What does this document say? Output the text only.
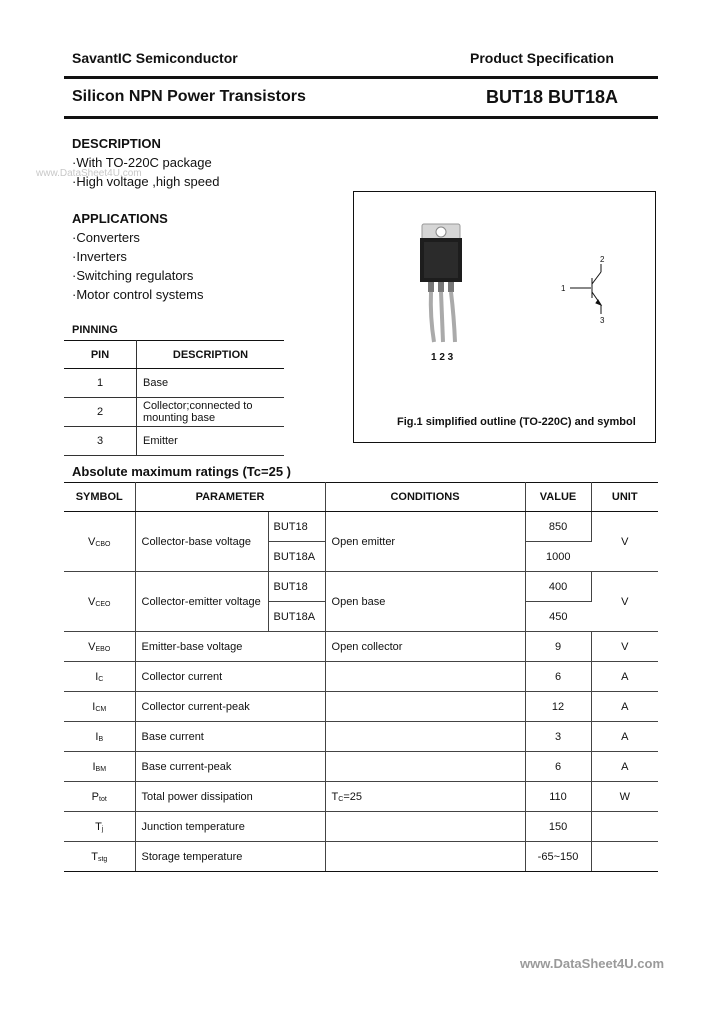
SavantIC Semiconductor	Product Specification
Silicon NPN Power Transistors	BUT18 BUT18A
www.DataSheet4U.com
DESCRIPTION
·With TO-220C package
·High voltage ,high speed
APPLICATIONS
·Converters
·Inverters
·Switching regulators
·Motor control systems
PINNING
PIN	DESCRIPTION
1	Base
2	Collector;connected to mounting base
3	Emitter
1 2 3
1
2
3
Fig.1 simplified outline (TO-220C) and symbol
Absolute maximum ratings (Tc=25 )
SYMBOL	PARAMETER		CONDITIONS	VALUE	UNIT
$V_{CBO}$	Collector-base voltage	BUT18	Open emitter	850	V
		BUT18A		1000	
$V_{CEO}$	Collector-emitter voltage	BUT18	Open base	400	V
		BUT18A		450	
$V_{EBO}$	Emitter-base voltage		Open collector	9	V
$I_C$	Collector current			6	A
$I_{CM}$	Collector current-peak			12	A
$I_B$	Base current			3	A
$I_{BM}$	Base current-peak			6	A
$P_{tot}$	Total power dissipation		$T_C=25$	110	W
$T_j$	Junction temperature			150	
$T_{stg}$	Storage temperature			-65~150	
www.DataSheet4U.com
